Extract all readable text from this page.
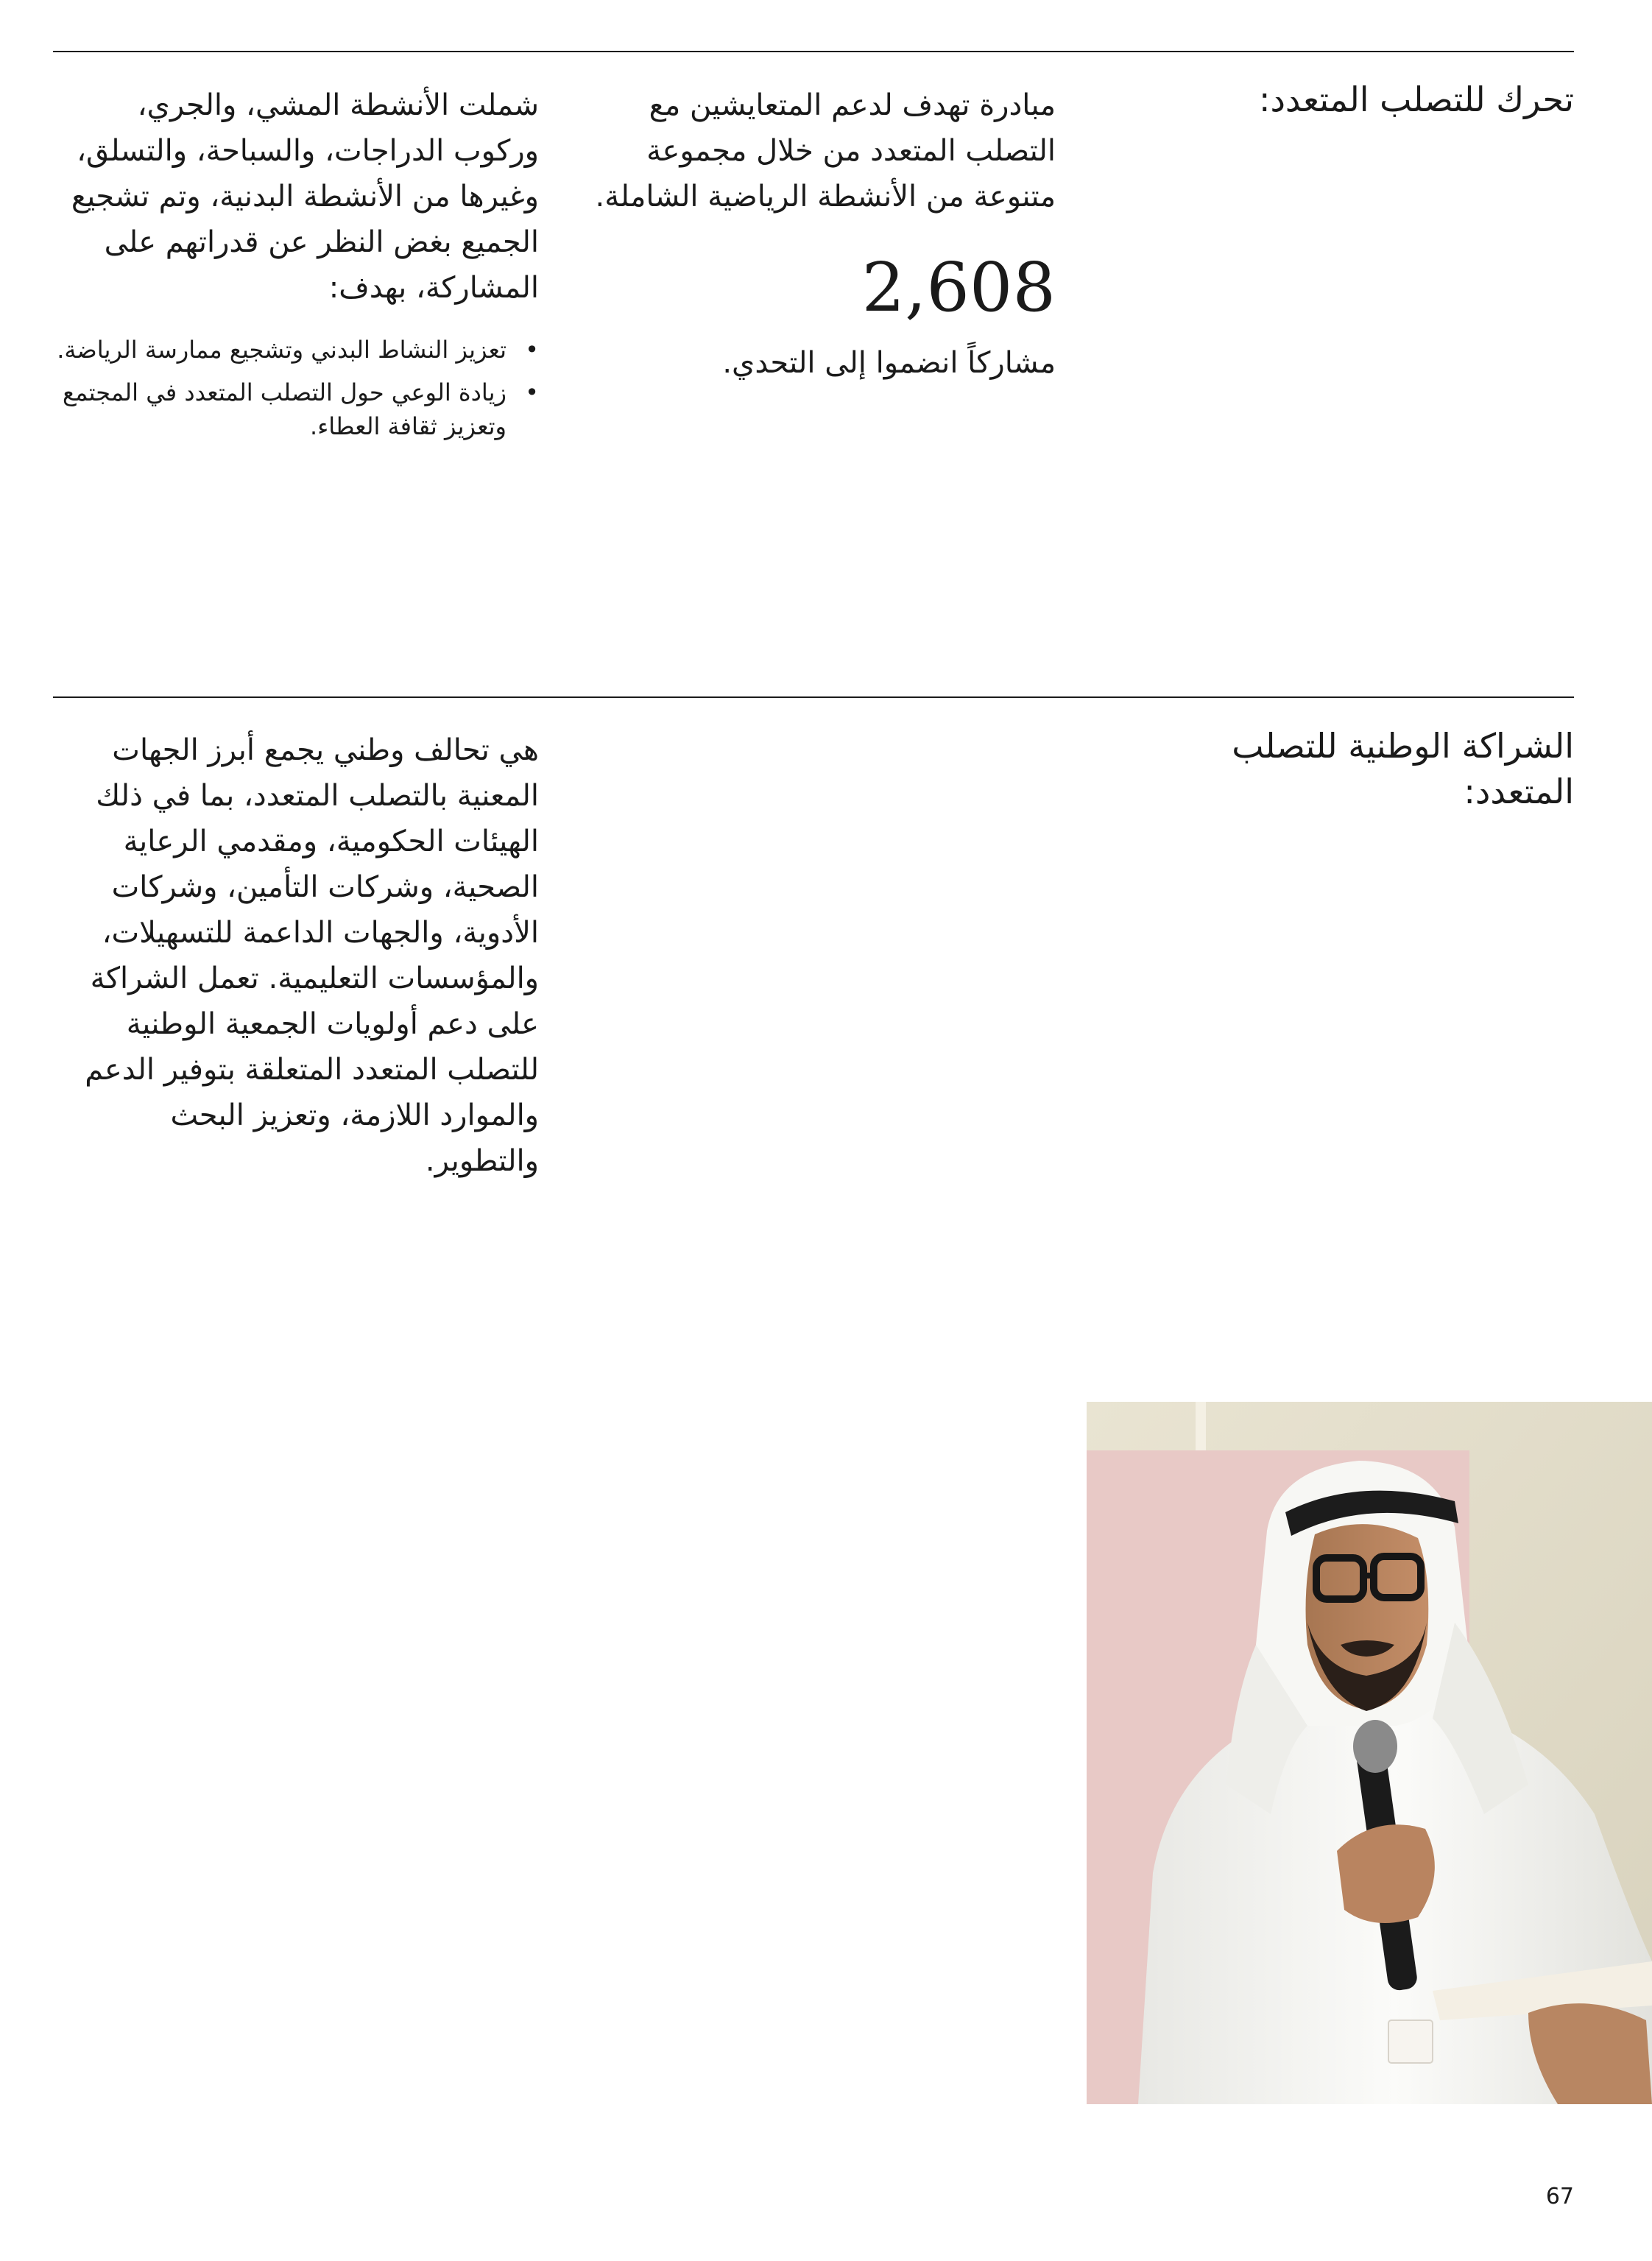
تحرك للتصلب المتعدد:

مبادرة تهدف لدعم المتعايشين مع التصلب المتعدد من خلال مجموعة متنوعة من الأنشطة الرياضية الشاملة.

2,608

مشاركاً انضموا إلى التحدي.

شملت الأنشطة المشي، والجري، وركوب الدراجات، والسباحة، والتسلق، وغيرها من الأنشطة البدنية، وتم تشجيع الجميع بغض النظر عن قدراتهم على المشاركة، بهدف:

• تعزيز النشاط البدني وتشجيع ممارسة الرياضة.
• زيادة الوعي حول التصلب المتعدد في المجتمع وتعزيز ثقافة العطاء.
الشراكة الوطنية للتصلب المتعدد:

هي تحالف وطني يجمع أبرز الجهات المعنية بالتصلب المتعدد، بما في ذلك الهيئات الحكومية، ومقدمي الرعاية الصحية، وشركات التأمين، وشركات الأدوية، والجهات الداعمة للتسهيلات، والمؤسسات التعليمية. تعمل الشراكة على دعم أولويات الجمعية الوطنية للتصلب المتعدد المتعلقة بتوفير الدعم والموارد اللازمة، وتعزيز البحث والتطوير.

AGING
ERSHIPS
UNDRAISIN
67
